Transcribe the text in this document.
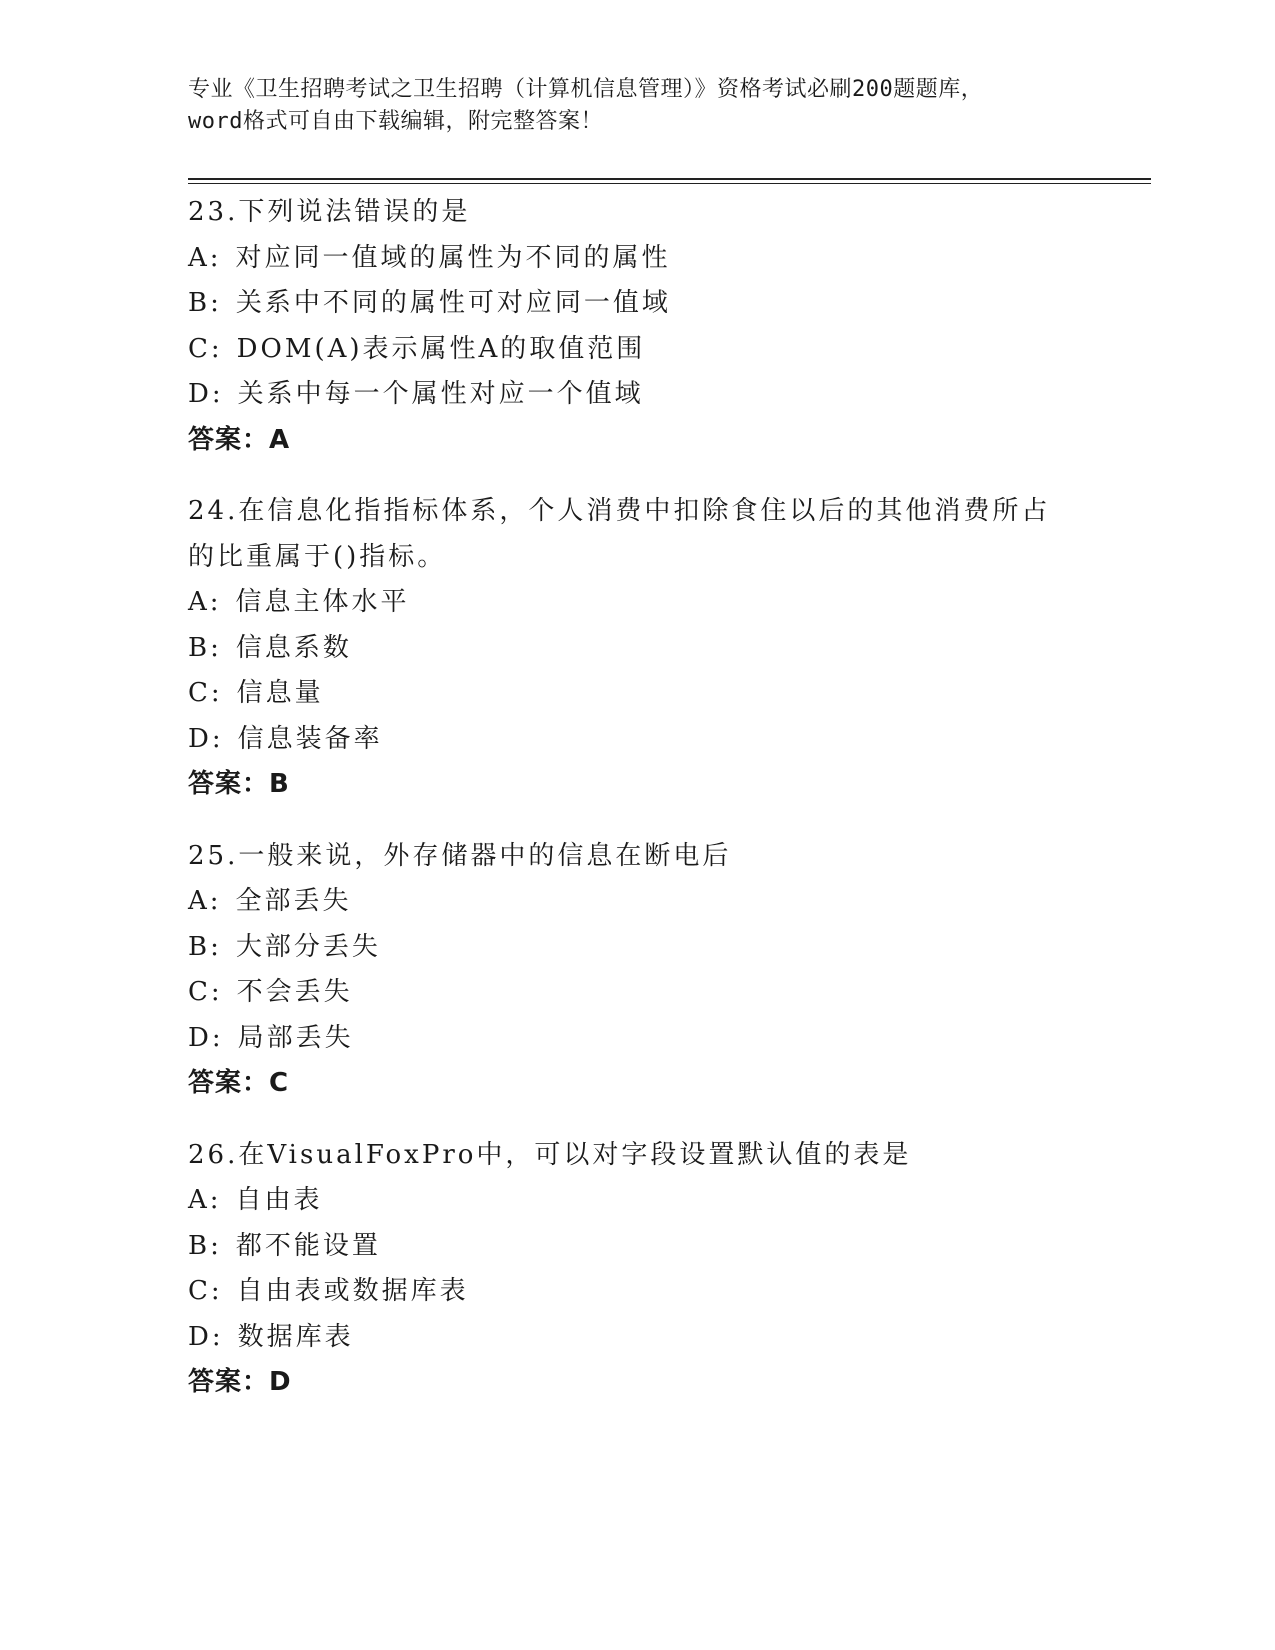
专业《卫生招聘考试之卫生招聘（计算机信息管理）》资格考试必刷200题题库，
word格式可自由下载编辑，附完整答案！
23.下列说法错误的是
A: 对应同一值域的属性为不同的属性
B: 关系中不同的属性可对应同一值域
C: DOM(A)表示属性A的取值范围
D: 关系中每一个属性对应一个值域
答案：A
24.在信息化指指标体系，个人消费中扣除食住以后的其他消费所占的比重属于()指标。
A: 信息主体水平
B: 信息系数
C: 信息量
D: 信息装备率
答案：B
25.一般来说，外存储器中的信息在断电后
A: 全部丢失
B: 大部分丢失
C: 不会丢失
D: 局部丢失
答案：C
26.在VisualFoxPro中，可以对字段设置默认值的表是
A: 自由表
B: 都不能设置
C: 自由表或数据库表
D: 数据库表
答案：D
